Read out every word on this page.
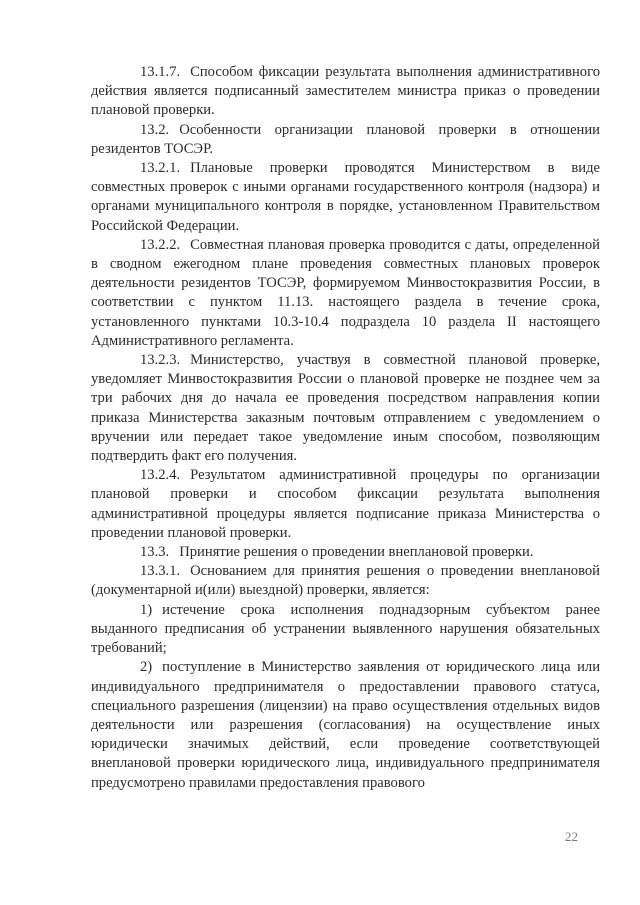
13.1.7. Способом фиксации результата выполнения административного действия является подписанный заместителем министра приказ о проведении плановой проверки.

13.2. Особенности организации плановой проверки в отношении резидентов ТОСЭР.

13.2.1. Плановые проверки проводятся Министерством в виде совместных проверок с иными органами государственного контроля (надзора) и органами муниципального контроля в порядке, установленном Правительством Российской Федерации.

13.2.2. Совместная плановая проверка проводится с даты, определенной в сводном ежегодном плане проведения совместных плановых проверок деятельности резидентов ТОСЭР, формируемом Минвостокразвития России, в соответствии с пунктом 11.13. настоящего раздела в течение срока, установленного пунктами 10.3-10.4 подраздела 10 раздела II настоящего Административного регламента.

13.2.3. Министерство, участвуя в совместной плановой проверке, уведомляет Минвостокразвития России о плановой проверке не позднее чем за три рабочих дня до начала ее проведения посредством направления копии приказа Министерства заказным почтовым отправлением с уведомлением о вручении или передает такое уведомление иным способом, позволяющим подтвердить факт его получения.

13.2.4. Результатом административной процедуры по организации плановой проверки и способом фиксации результата выполнения административной процедуры является подписание приказа Министерства о проведении плановой проверки.

13.3. Принятие решения о проведении внеплановой проверки.

13.3.1. Основанием для принятия решения о проведении внеплановой (документарной и(или) выездной) проверки, является:

1) истечение срока исполнения поднадзорным субъектом ранее выданного предписания об устранении выявленного нарушения обязательных требований;

2) поступление в Министерство заявления от юридического лица или индивидуального предпринимателя о предоставлении правового статуса, специального разрешения (лицензии) на право осуществления отдельных видов деятельности или разрешения (согласования) на осуществление иных юридически значимых действий, если проведение соответствующей внеплановой проверки юридического лица, индивидуального предпринимателя предусмотрено правилами предоставления правового

22
